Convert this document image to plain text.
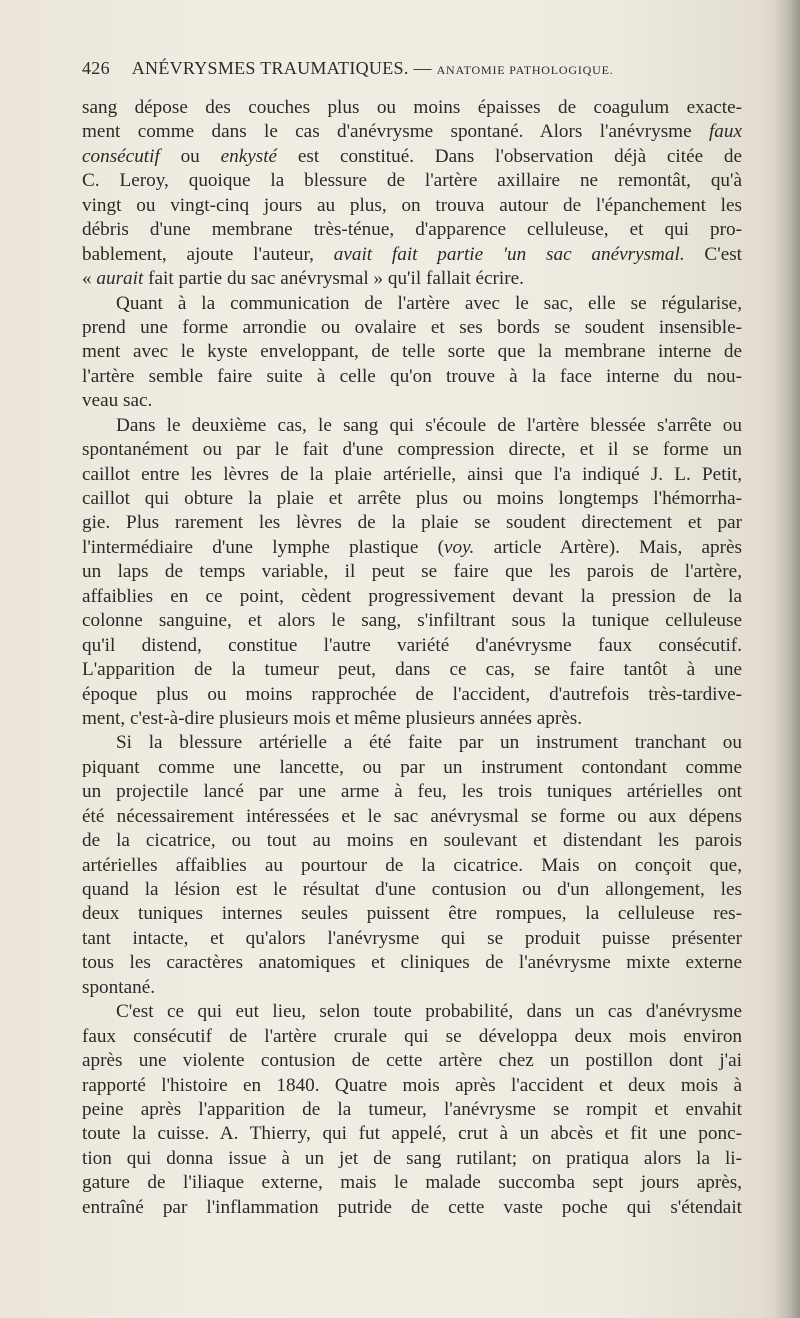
426 ANÉVRYSMES TRAUMATIQUES. — ANATOMIE PATHOLOGIQUE.
sang dépose des couches plus ou moins épaisses de coagulum exacte-
ment comme dans le cas d'anévrysme spontané. Alors l'anévrysme faux
consécutif ou enkysté est constitué. Dans l'observation déjà citée de
C. Leroy, quoique la blessure de l'artère axillaire ne remontât, qu'à
vingt ou vingt-cinq jours au plus, on trouva autour de l'épanchement les
débris d'une membrane très-ténue, d'apparence celluleuse, et qui pro-
bablement, ajoute l'auteur, avait fait partie 'un sac anévrysmal. C'est
« aurait fait partie du sac anévrysmal » qu'il fallait écrire.
Quant à la communication de l'artère avec le sac, elle se régularise,
prend une forme arrondie ou ovalaire et ses bords se soudent insensible-
ment avec le kyste enveloppant, de telle sorte que la membrane interne de
l'artère semble faire suite à celle qu'on trouve à la face interne du nou-
veau sac.
Dans le deuxième cas, le sang qui s'écoule de l'artère blessée s'arrête ou
spontanément ou par le fait d'une compression directe, et il se forme un
caillot entre les lèvres de la plaie artérielle, ainsi que l'a indiqué J. L. Petit,
caillot qui obture la plaie et arrête plus ou moins longtemps l'hémorrha-
gie. Plus rarement les lèvres de la plaie se soudent directement et par
l'intermédiaire d'une lymphe plastique (voy. article Artère). Mais, après
un laps de temps variable, il peut se faire que les parois de l'artère,
affaiblies en ce point, cèdent progressivement devant la pression de la
colonne sanguine, et alors le sang, s'infiltrant sous la tunique celluleuse
qu'il distend, constitue l'autre variété d'anévrysme faux consécutif.
L'apparition de la tumeur peut, dans ce cas, se faire tantôt à une
époque plus ou moins rapprochée de l'accident, d'autrefois très-tardive-
ment, c'est-à-dire plusieurs mois et même plusieurs années après.
Si la blessure artérielle a été faite par un instrument tranchant ou
piquant comme une lancette, ou par un instrument contondant comme
un projectile lancé par une arme à feu, les trois tuniques artérielles ont
été nécessairement intéressées et le sac anévrysmal se forme ou aux dépens
de la cicatrice, ou tout au moins en soulevant et distendant les parois
artérielles affaiblies au pourtour de la cicatrice. Mais on conçoit que,
quand la lésion est le résultat d'une contusion ou d'un allongement, les
deux tuniques internes seules puissent être rompues, la celluleuse res-
tant intacte, et qu'alors l'anévrysme qui se produit puisse présenter
tous les caractères anatomiques et cliniques de l'anévrysme mixte externe
spontané.
C'est ce qui eut lieu, selon toute probabilité, dans un cas d'anévrysme
faux consécutif de l'artère crurale qui se développa deux mois environ
après une violente contusion de cette artère chez un postillon dont j'ai
rapporté l'histoire en 1840. Quatre mois après l'accident et deux mois à
peine après l'apparition de la tumeur, l'anévrysme se rompit et envahit
toute la cuisse. A. Thierry, qui fut appelé, crut à un abcès et fit une ponc-
tion qui donna issue à un jet de sang rutilant; on pratiqua alors la li-
gature de l'iliaque externe, mais le malade succomba sept jours après,
entraîné par l'inflammation putride de cette vaste poche qui s'étendait
